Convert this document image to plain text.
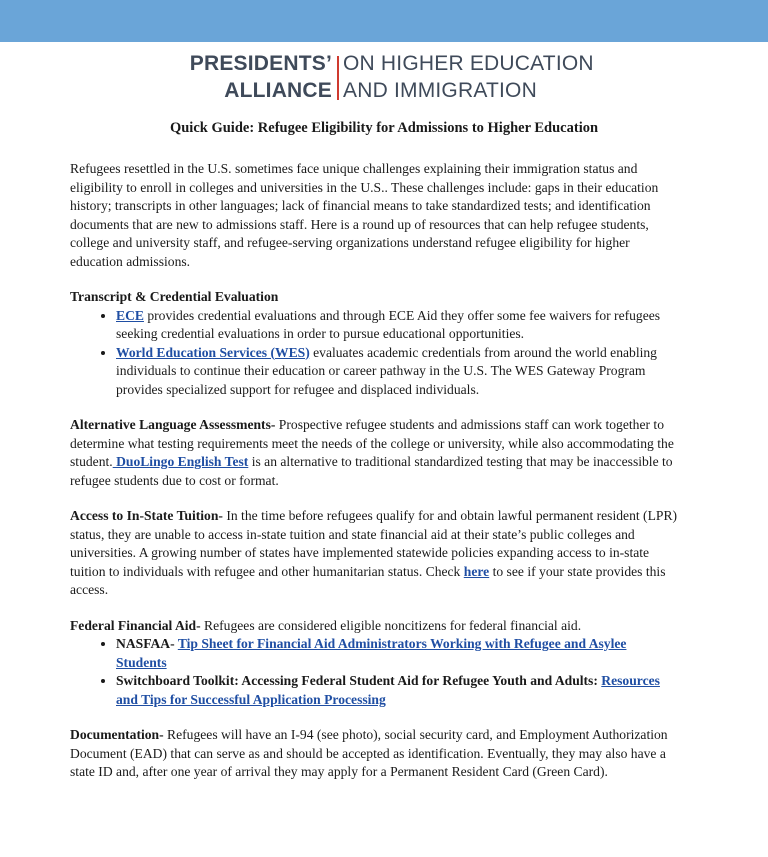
PRESIDENTS’
ALLIANCE
ON HIGHER EDUCATION
AND IMMIGRATION
Quick Guide: Refugee Eligibility for Admissions to Higher Education

Refugees resettled in the U.S. sometimes face unique challenges explaining their immigration status and eligibility to enroll in colleges and universities in the U.S.. These challenges include: gaps in their education history; transcripts in other languages; lack of financial means to take standardized tests; and identification documents that are new to admissions staff. Here is a round up of resources that can help refugee students, college and university staff, and refugee-serving organizations understand refugee eligibility for higher education admissions.

Transcript & Credential Evaluation
• ECE provides credential evaluations and through ECE Aid they offer some fee waivers for refugees seeking credential evaluations in order to pursue educational opportunities.
• World Education Services (WES) evaluates academic credentials from around the world enabling individuals to continue their education or career pathway in the U.S. The WES Gateway Program provides specialized support for refugee and displaced individuals.

Alternative Language Assessments- Prospective refugee students and admissions staff can work together to determine what testing requirements meet the needs of the college or university, while also accommodating the student. DuoLingo English Test is an alternative to traditional standardized testing that may be inaccessible to refugee students due to cost or format.

Access to In-State Tuition- In the time before refugees qualify for and obtain lawful permanent resident (LPR) status, they are unable to access in-state tuition and state financial aid at their state’s public colleges and universities. A growing number of states have implemented statewide policies expanding access to in-state tuition to individuals with refugee and other humanitarian status. Check here to see if your state provides this access.

Federal Financial Aid- Refugees are considered eligible noncitizens for federal financial aid.

• NASFAA- Tip Sheet for Financial Aid Administrators Working with Refugee and Asylee Students
• Switchboard Toolkit: Accessing Federal Student Aid for Refugee Youth and Adults: Resources and Tips for Successful Application Processing

Documentation- Refugees will have an I-94 (see photo), social security card, and Employment Authorization Document (EAD) that can serve as and should be accepted as identification. Eventually, they may also have a state ID and, after one year of arrival they may apply for a Permanent Resident Card (Green Card).
